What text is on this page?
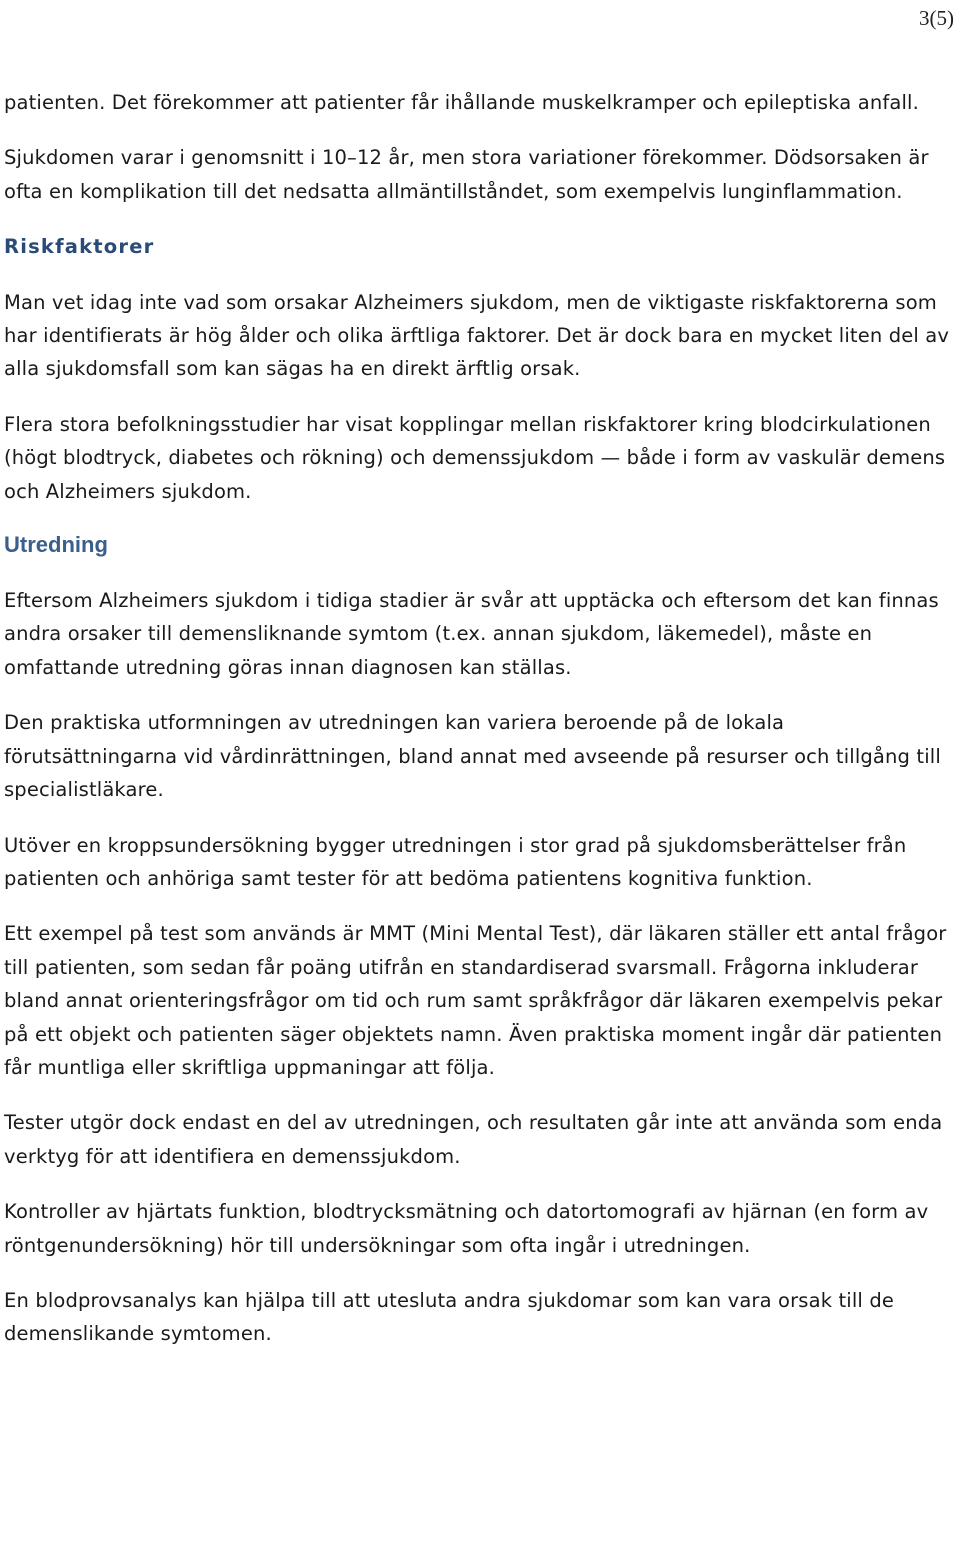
3(5)

patienten. Det förekommer att patienter får ihållande muskelkramper och epileptiska anfall.

Sjukdomen varar i genomsnitt i 10–12 år, men stora variationer förekommer. Dödsorsaken är ofta en komplikation till det nedsatta allmäntillståndet, som exempelvis lunginflammation.

Riskfaktorer

Man vet idag inte vad som orsakar Alzheimers sjukdom, men de viktigaste riskfaktorerna som har identifierats är hög ålder och olika ärftliga faktorer. Det är dock bara en mycket liten del av alla sjukdomsfall som kan sägas ha en direkt ärftlig orsak.

Flera stora befolkningsstudier har visat kopplingar mellan riskfaktorer kring blodcirkulationen (högt blodtryck, diabetes och rökning) och demenssjukdom — både i form av vaskulär demens och Alzheimers sjukdom.

Utredning

Eftersom Alzheimers sjukdom i tidiga stadier är svår att upptäcka och eftersom det kan finnas andra orsaker till demensliknande symtom (t.ex. annan sjukdom, läkemedel), måste en omfattande utredning göras innan diagnosen kan ställas.

Den praktiska utformningen av utredningen kan variera beroende på de lokala förutsättningarna vid vårdinrättningen, bland annat med avseende på resurser och tillgång till specialistläkare.

Utöver en kroppsundersökning bygger utredningen i stor grad på sjukdomsberättelser från patienten och anhöriga samt tester för att bedöma patientens kognitiva funktion.

Ett exempel på test som används är MMT (Mini Mental Test), där läkaren ställer ett antal frågor till patienten, som sedan får poäng utifrån en standardiserad svarsmall. Frågorna inkluderar bland annat orienteringsfrågor om tid och rum samt språkfrågor där läkaren exempelvis pekar på ett objekt och patienten säger objektets namn. Även praktiska moment ingår där patienten får muntliga eller skriftliga uppmaningar att följa.

Tester utgör dock endast en del av utredningen, och resultaten går inte att använda som enda verktyg för att identifiera en demenssjukdom.

Kontroller av hjärtats funktion, blodtrycksmätning och datortomografi av hjärnan (en form av röntgenundersökning) hör till undersökningar som ofta ingår i utredningen.

En blodprovsanalys kan hjälpa till att utesluta andra sjukdomar som kan vara orsak till de demenslikande symtomen.
